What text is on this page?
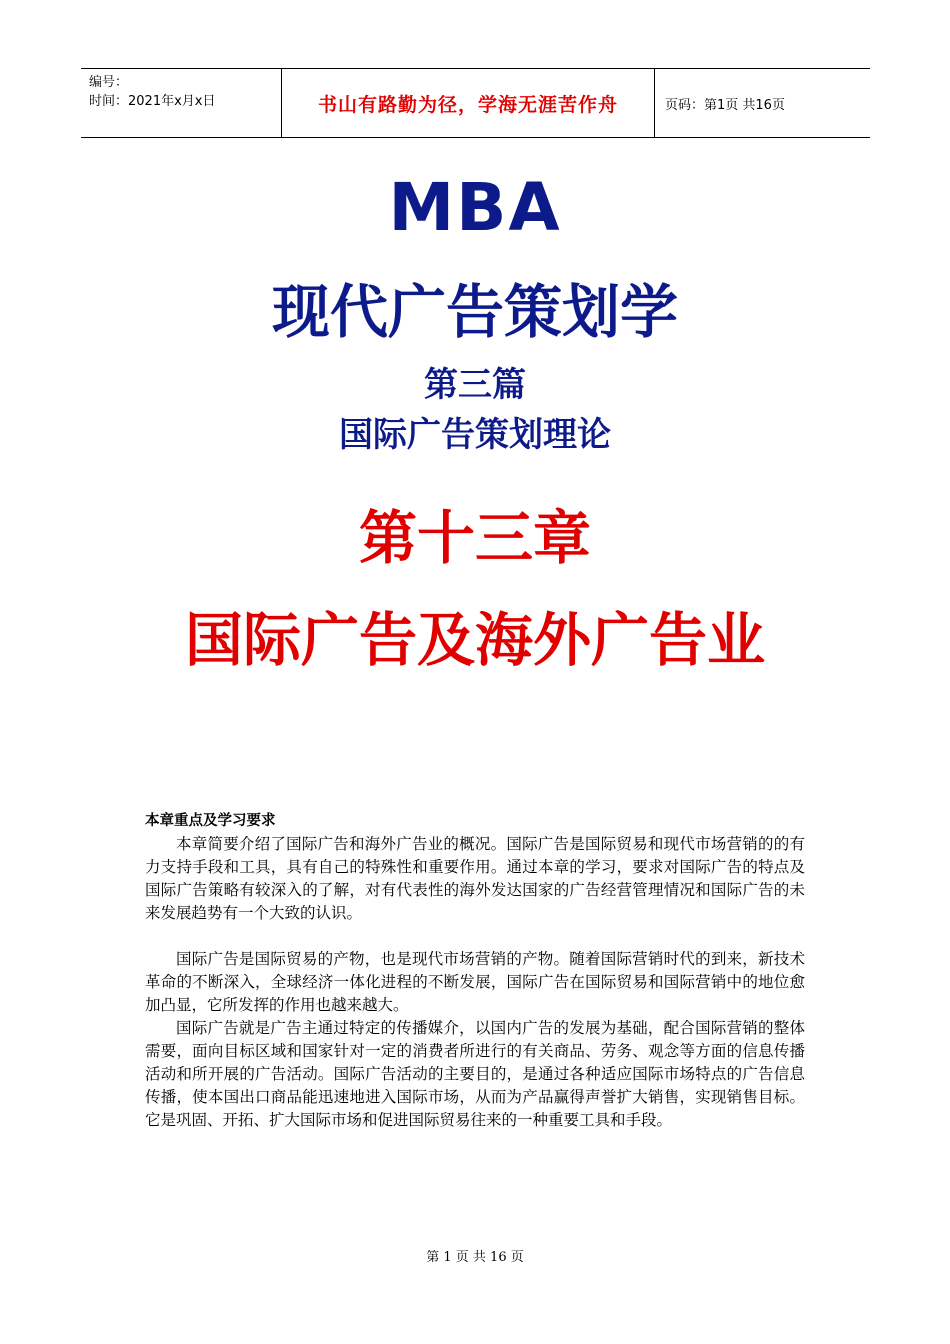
编号：
时间：2021年x月x日	书山有路勤为径，学海无涯苦作舟	页码：第1页 共16页
MBA
现代广告策划学
第三篇
国际广告策划理论
第十三章
国际广告及海外广告业
本章重点及学习要求

本章简要介绍了国际广告和海外广告业的概况。国际广告是国际贸易和现代市场营销的的有力支持手段和工具，具有自己的特殊性和重要作用。通过本章的学习，要求对国际广告的特点及国际广告策略有较深入的了解，对有代表性的海外发达国家的广告经营管理情况和国际广告的未来发展趋势有一个大致的认识。

国际广告是国际贸易的产物，也是现代市场营销的产物。随着国际营销时代的到来，新技术革命的不断深入，全球经济一体化进程的不断发展，国际广告在国际贸易和国际营销中的地位愈加凸显，它所发挥的作用也越来越大。

国际广告就是广告主通过特定的传播媒介，以国内广告的发展为基础，配合国际营销的整体需要，面向目标区域和国家针对一定的消费者所进行的有关商品、劳务、观念等方面的信息传播活动和所开展的广告活动。国际广告活动的主要目的，是通过各种适应国际市场特点的广告信息传播，使本国出口商品能迅速地进入国际市场，从而为产品赢得声誉扩大销售，实现销售目标。它是巩固、开拓、扩大国际市场和促进国际贸易往来的一种重要工具和手段。

第 1 页 共 16 页
